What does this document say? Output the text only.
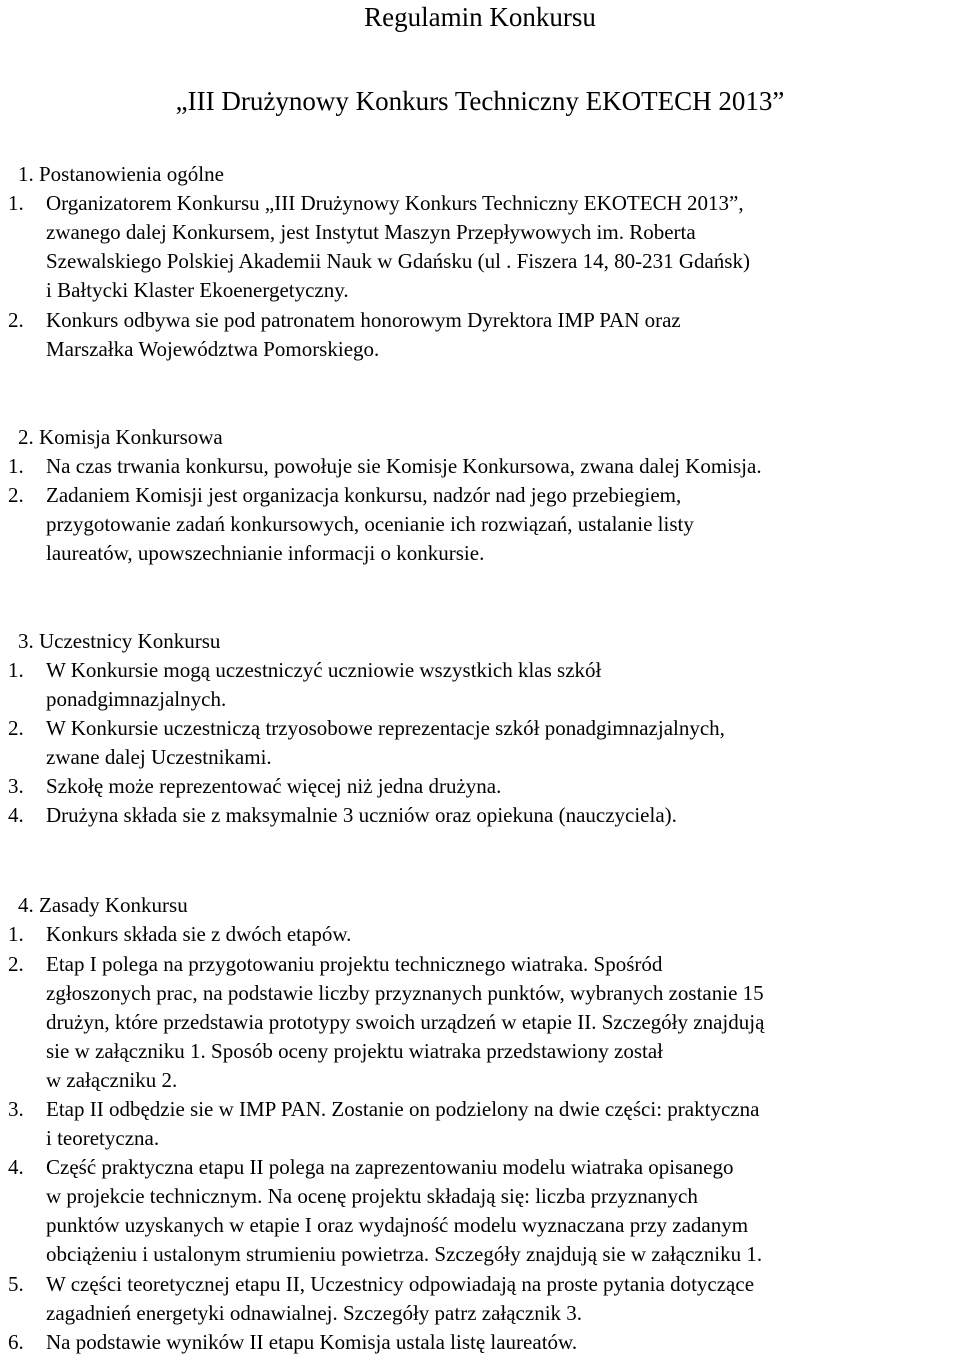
Regulamin Konkursu
„III Drużynowy Konkurs Techniczny EKOTECH 2013”
1. Postanowienia ogólne
1.	Organizatorem Konkursu „III Drużynowy Konkurs Techniczny EKOTECH 2013”,
zwanego dalej Konkursem, jest Instytut Maszyn Przepływowych im. Roberta
Szewalskiego Polskiej Akademii Nauk w Gdańsku (ul . Fiszera 14, 80-231 Gdańsk)
i Bałtycki Klaster Ekoenergetyczny.
2.	Konkurs odbywa sie pod patronatem honorowym Dyrektora IMP PAN oraz
Marszałka Województwa Pomorskiego.
2. Komisja Konkursowa
1.	Na czas trwania konkursu, powołuje sie Komisje Konkursowa, zwana dalej Komisja.
2.	Zadaniem Komisji jest organizacja konkursu, nadzór nad jego przebiegiem,
przygotowanie zadań konkursowych, ocenianie ich rozwiązań, ustalanie listy
laureatów, upowszechnianie informacji o konkursie.
3. Uczestnicy Konkursu
1.	W Konkursie mogą uczestniczyć uczniowie wszystkich klas szkół
ponadgimnazjalnych.
2.	W Konkursie uczestniczą trzyosobowe reprezentacje szkół ponadgimnazjalnych,
zwane dalej Uczestnikami.
3.	Szkołę może reprezentować więcej niż jedna drużyna.
4.	Drużyna składa sie z maksymalnie 3 uczniów oraz opiekuna (nauczyciela).
4. Zasady Konkursu
1.	Konkurs składa sie z dwóch etapów.
2.	Etap I polega na przygotowaniu projektu technicznego wiatraka. Spośród
zgłoszonych prac, na podstawie liczby przyznanych punktów, wybranych zostanie 15
drużyn, które przedstawia prototypy swoich urządzeń w etapie II. Szczegóły znajdują
sie w załączniku 1. Sposób oceny projektu wiatraka przedstawiony został
w załączniku 2.
3.	Etap II odbędzie sie w IMP PAN. Zostanie on podzielony na dwie części: praktyczna
i teoretyczna.
4.	Część praktyczna etapu II polega na zaprezentowaniu modelu wiatraka opisanego
w projekcie technicznym. Na ocenę projektu składają się: liczba przyznanych
punktów uzyskanych w etapie I oraz wydajność modelu wyznaczana przy zadanym
obciążeniu i ustalonym strumieniu powietrza. Szczegóły znajdują sie w załączniku 1.
5.	W części teoretycznej etapu II, Uczestnicy odpowiadają na proste pytania dotyczące
zagadnień energetyki odnawialnej. Szczegóły patrz załącznik 3.
6.	Na podstawie wyników II etapu Komisja ustala listę laureatów.
